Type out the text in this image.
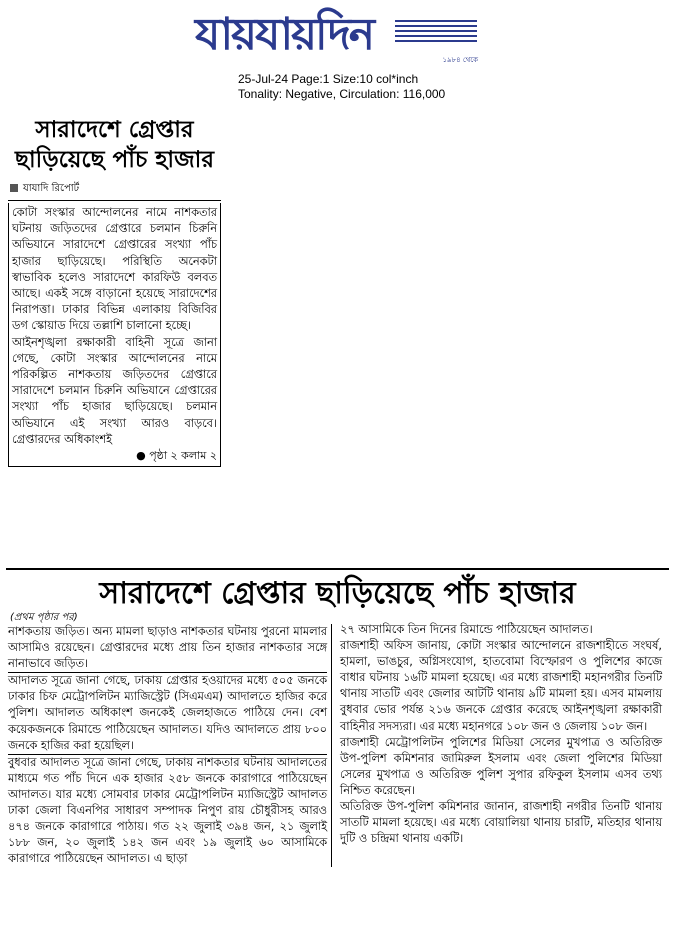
যায়যায়দিন	১৯৮৪ থেকে
25-Jul-24 Page:1 Size:10 col*inch
Tonality: Negative, Circulation: 116,000
সারাদেশে গ্রেপ্তার ছাড়িয়েছে পাঁচ হাজার
যাযাদি রিপোর্ট

কোটা সংস্কার আন্দোলনের নামে নাশকতার ঘটনায় জড়িতদের গ্রেপ্তারে চলমান চিরুনি অভিযানে সারাদেশে গ্রেপ্তারের সংখ্যা পাঁচ হাজার ছাড়িয়েছে। পরিস্থিতি অনেকটা স্বাভাবিক হলেও সারাদেশে কারফিউ বলবত আছে। একই সঙ্গে বাড়ানো হয়েছে সারাদেশের নিরাপত্তা। ঢাকার বিভিন্ন এলাকায় বিজিবির ডগ স্কোয়াড দিয়ে তল্লাশি চালানো হচ্ছে।

আইনশৃঙ্খলা রক্ষাকারী বাহিনী সূত্রে জানা গেছে, কোটা সংস্কার আন্দোলনের নামে পরিকল্পিত নাশকতায় জড়িতদের গ্রেপ্তারে সারাদেশে চলমান চিরুনি অভিযানে গ্রেপ্তারের সংখ্যা পাঁচ হাজার ছাড়িয়েছে। চলমান অভিযানে এই সংখ্যা আরও বাড়বে। গ্রেপ্তারদের অধিকাংশই

● পৃষ্ঠা ২ কলাম ২
সারাদেশে গ্রেপ্তার ছাড়িয়েছে পাঁচ হাজার
(প্রথম পৃষ্ঠার পর)

নাশকতায় জড়িত। অন্য মামলা ছাড়াও নাশকতার ঘটনায় পুরনো মামলার আসামিও রয়েছেন। গ্রেপ্তারদের মধ্যে প্রায় তিন হাজার নাশকতার সঙ্গে নানাভাবে জড়িত।

আদালত সূত্রে জানা গেছে, ঢাকায় গ্রেপ্তার হওয়াদের মধ্যে ৫০৫ জনকে ঢাকার চিফ মেট্রোপলিটন ম্যাজিস্ট্রেট (সিএমএম) আদালতে হাজির করে পুলিশ। আদালত অধিকাংশ জনকেই জেলহাজতে পাঠিয়ে দেন। বেশ কয়েকজনকে রিমান্ডে পাঠিয়েছেন আদালত। যদিও আদালতে প্রায় ৮০০ জনকে হাজির করা হয়েছিল।

বুধবার আদালত সূত্রে জানা গেছে, ঢাকায় নাশকতার ঘটনায় আদালতের মাধ্যমে গত পাঁচ দিনে এক হাজার ২৫৮ জনকে কারাগারে পাঠিয়েছেন আদালত। যার মধ্যে সোমবার ঢাকার মেট্রোপলিটন ম্যাজিস্ট্রেট আদালত ঢাকা জেলা বিএনপির সাধারণ সম্পাদক নিপুণ রায় চৌধুরীসহ আরও ৪৭৪ জনকে কারাগারে পাঠায়। গত ২২ জুলাই ৩৯৪ জন, ২১ জুলাই ১৮৮ জন, ২০ জুলাই ১৪২ জন এবং ১৯ জুলাই ৬০ আসামিকে কারাগারে পাঠিয়েছেন আদালত। এ ছাড়া

২৭ আসামিকে তিন দিনের রিমান্ডে পাঠিয়েছেন আদালত।

রাজশাহী অফিস জানায়, কোটা সংস্কার আন্দোলনে রাজশাহীতে সংঘর্ষ, হামলা, ভাঙচুর, অগ্নিসংযোগ, হাতবোমা বিস্ফোরণ ও পুলিশের কাজে বাধার ঘটনায় ১৬টি মামলা হয়েছে। এর মধ্যে রাজশাহী মহানগরীর তিনটি থানায় সাতটি এবং জেলার আটটি থানায় ৯টি মামলা হয়। এসব মামলায় বুধবার ভোর পর্যন্ত ২১৬ জনকে গ্রেপ্তার করেছে আইনশৃঙ্খলা রক্ষাকারী বাহিনীর সদস্যরা। এর মধ্যে মহানগরে ১০৮ জন ও জেলায় ১০৮ জন।

রাজশাহী মেট্রোপলিটন পুলিশের মিডিয়া সেলের মুখপাত্র ও অতিরিক্ত উপ-পুলিশ কমিশনার জামিরুল ইসলাম এবং জেলা পুলিশের মিডিয়া সেলের মুখপাত্র ও অতিরিক্ত পুলিশ সুপার রফিকুল ইসলাম এসব তথ্য নিশ্চিত করেছেন।

অতিরিক্ত উপ-পুলিশ কমিশনার জানান, রাজশাহী নগরীর তিনটি থানায় সাতটি মামলা হয়েছে। এর মধ্যে বোয়ালিয়া থানায় চারটি, মতিহার থানায় দুটি ও চন্দ্রিমা থানায় একটি।
